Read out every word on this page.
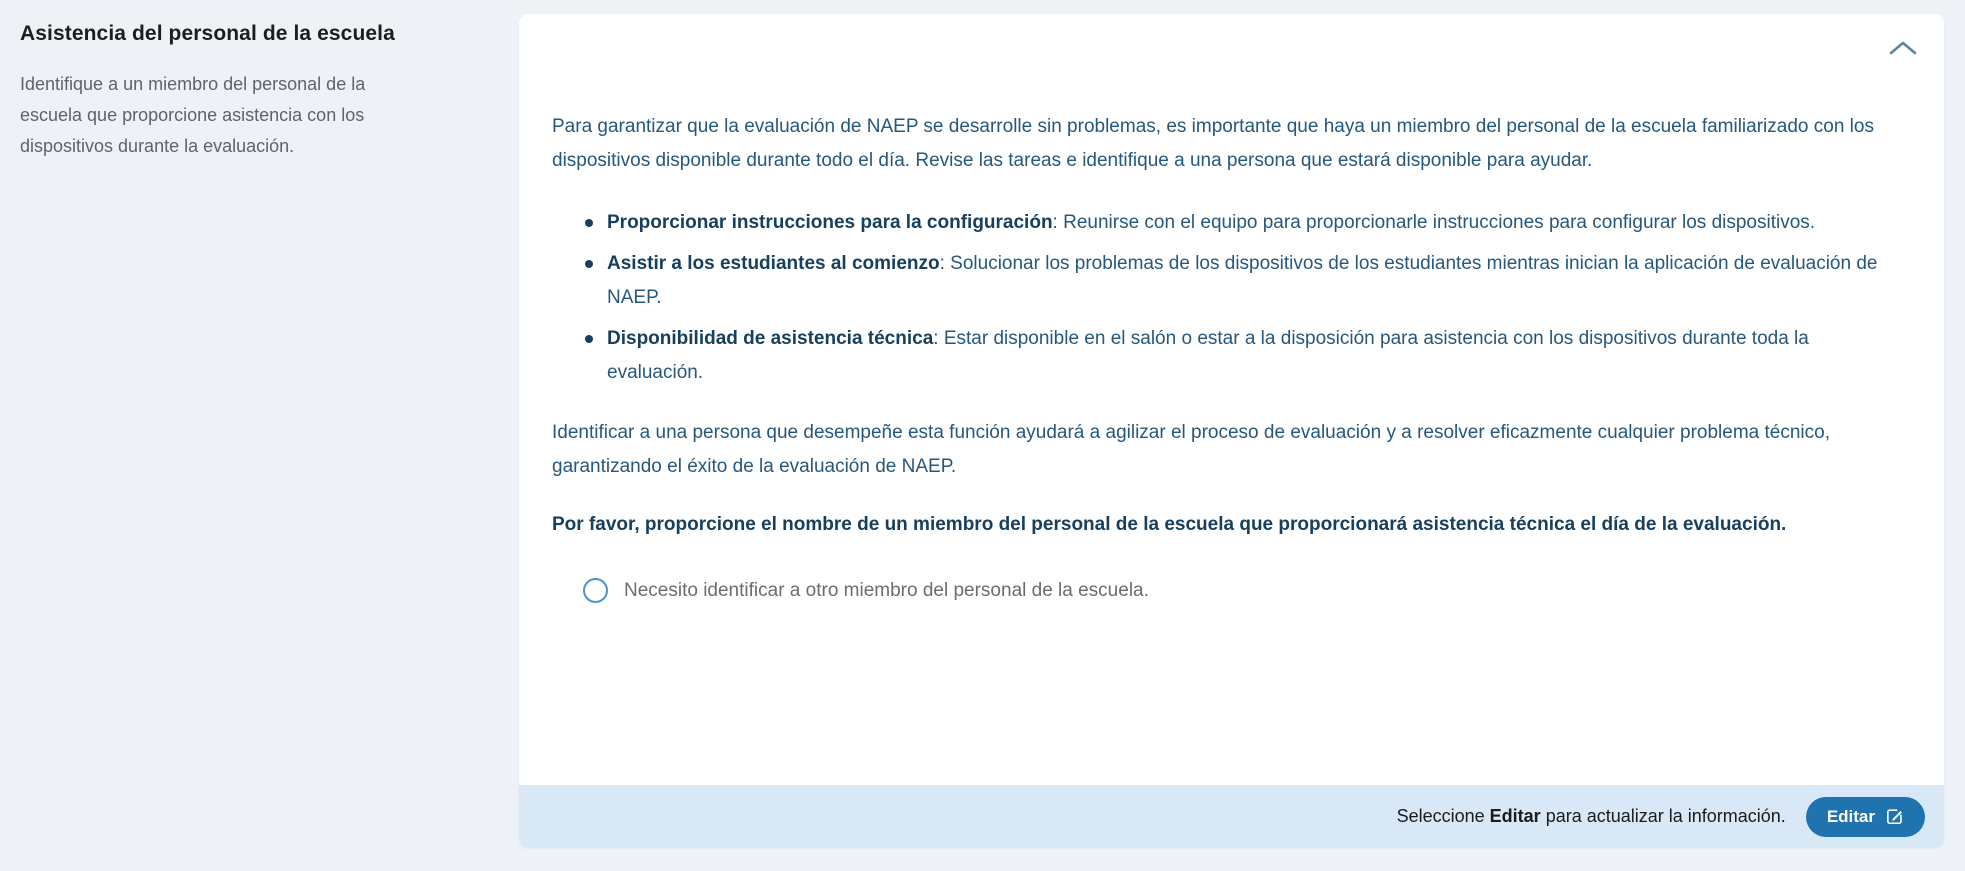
Asistencia del personal de la escuela

Identifique a un miembro del personal de la escuela que proporcione asistencia con los dispositivos durante la evaluación.

Para garantizar que la evaluación de NAEP se desarrolle sin problemas, es importante que haya un miembro del personal de la escuela familiarizado con los dispositivos disponible durante todo el día. Revise las tareas e identifique a una persona que estará disponible para ayudar.

Proporcionar instrucciones para la configuración: Reunirse con el equipo para proporcionarle instrucciones para configurar los dispositivos.
Asistir a los estudiantes al comienzo: Solucionar los problemas de los dispositivos de los estudiantes mientras inician la aplicación de evaluación de NAEP.
Disponibilidad de asistencia técnica: Estar disponible en el salón o estar a la disposición para asistencia con los dispositivos durante toda la evaluación.

Identificar a una persona que desempeñe esta función ayudará a agilizar el proceso de evaluación y a resolver eficazmente cualquier problema técnico, garantizando el éxito de la evaluación de NAEP.

Por favor, proporcione el nombre de un miembro del personal de la escuela que proporcionará asistencia técnica el día de la evaluación.

Necesito identificar a otro miembro del personal de la escuela.

Seleccione Editar para actualizar la información. Editar
